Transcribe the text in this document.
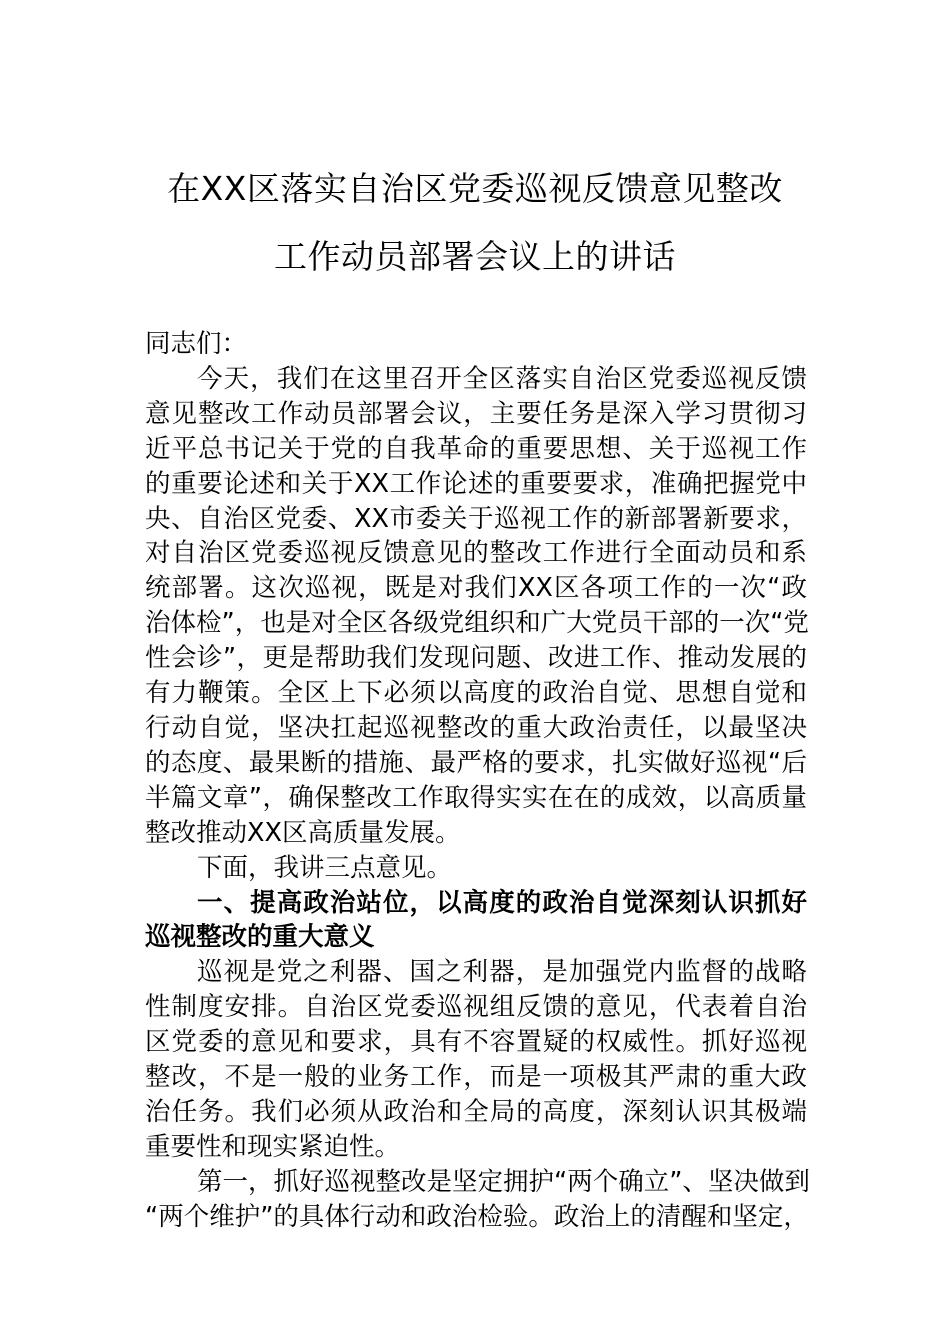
在XX区落实自治区党委巡视反馈意见整改
工作动员部署会议上的讲话
同志们：
今天，我们在这里召开全区落实自治区党委巡视反馈
意见整改工作动员部署会议，主要任务是深入学习贯彻习
近平总书记关于党的自我革命的重要思想、关于巡视工作
的重要论述和关于XX工作论述的重要要求，准确把握党中
央、自治区党委、XX市委关于巡视工作的新部署新要求，
对自治区党委巡视反馈意见的整改工作进行全面动员和系
统部署。这次巡视，既是对我们XX区各项工作的一次“政
治体检”，也是对全区各级党组织和广大党员干部的一次“党
性会诊”，更是帮助我们发现问题、改进工作、推动发展的
有力鞭策。全区上下必须以高度的政治自觉、思想自觉和
行动自觉，坚决扛起巡视整改的重大政治责任，以最坚决
的态度、最果断的措施、最严格的要求，扎实做好巡视“后
半篇文章”，确保整改工作取得实实在在的成效，以高质量
整改推动XX区高质量发展。
下面，我讲三点意见。
一、提高政治站位，以高度的政治自觉深刻认识抓好
巡视整改的重大意义
巡视是党之利器、国之利器，是加强党内监督的战略
性制度安排。自治区党委巡视组反馈的意见，代表着自治
区党委的意见和要求，具有不容置疑的权威性。抓好巡视
整改，不是一般的业务工作，而是一项极其严肃的重大政
治任务。我们必须从政治和全局的高度，深刻认识其极端
重要性和现实紧迫性。
第一，抓好巡视整改是坚定拥护“两个确立”、坚决做到
“两个维护”的具体行动和政治检验。政治上的清醒和坚定，
